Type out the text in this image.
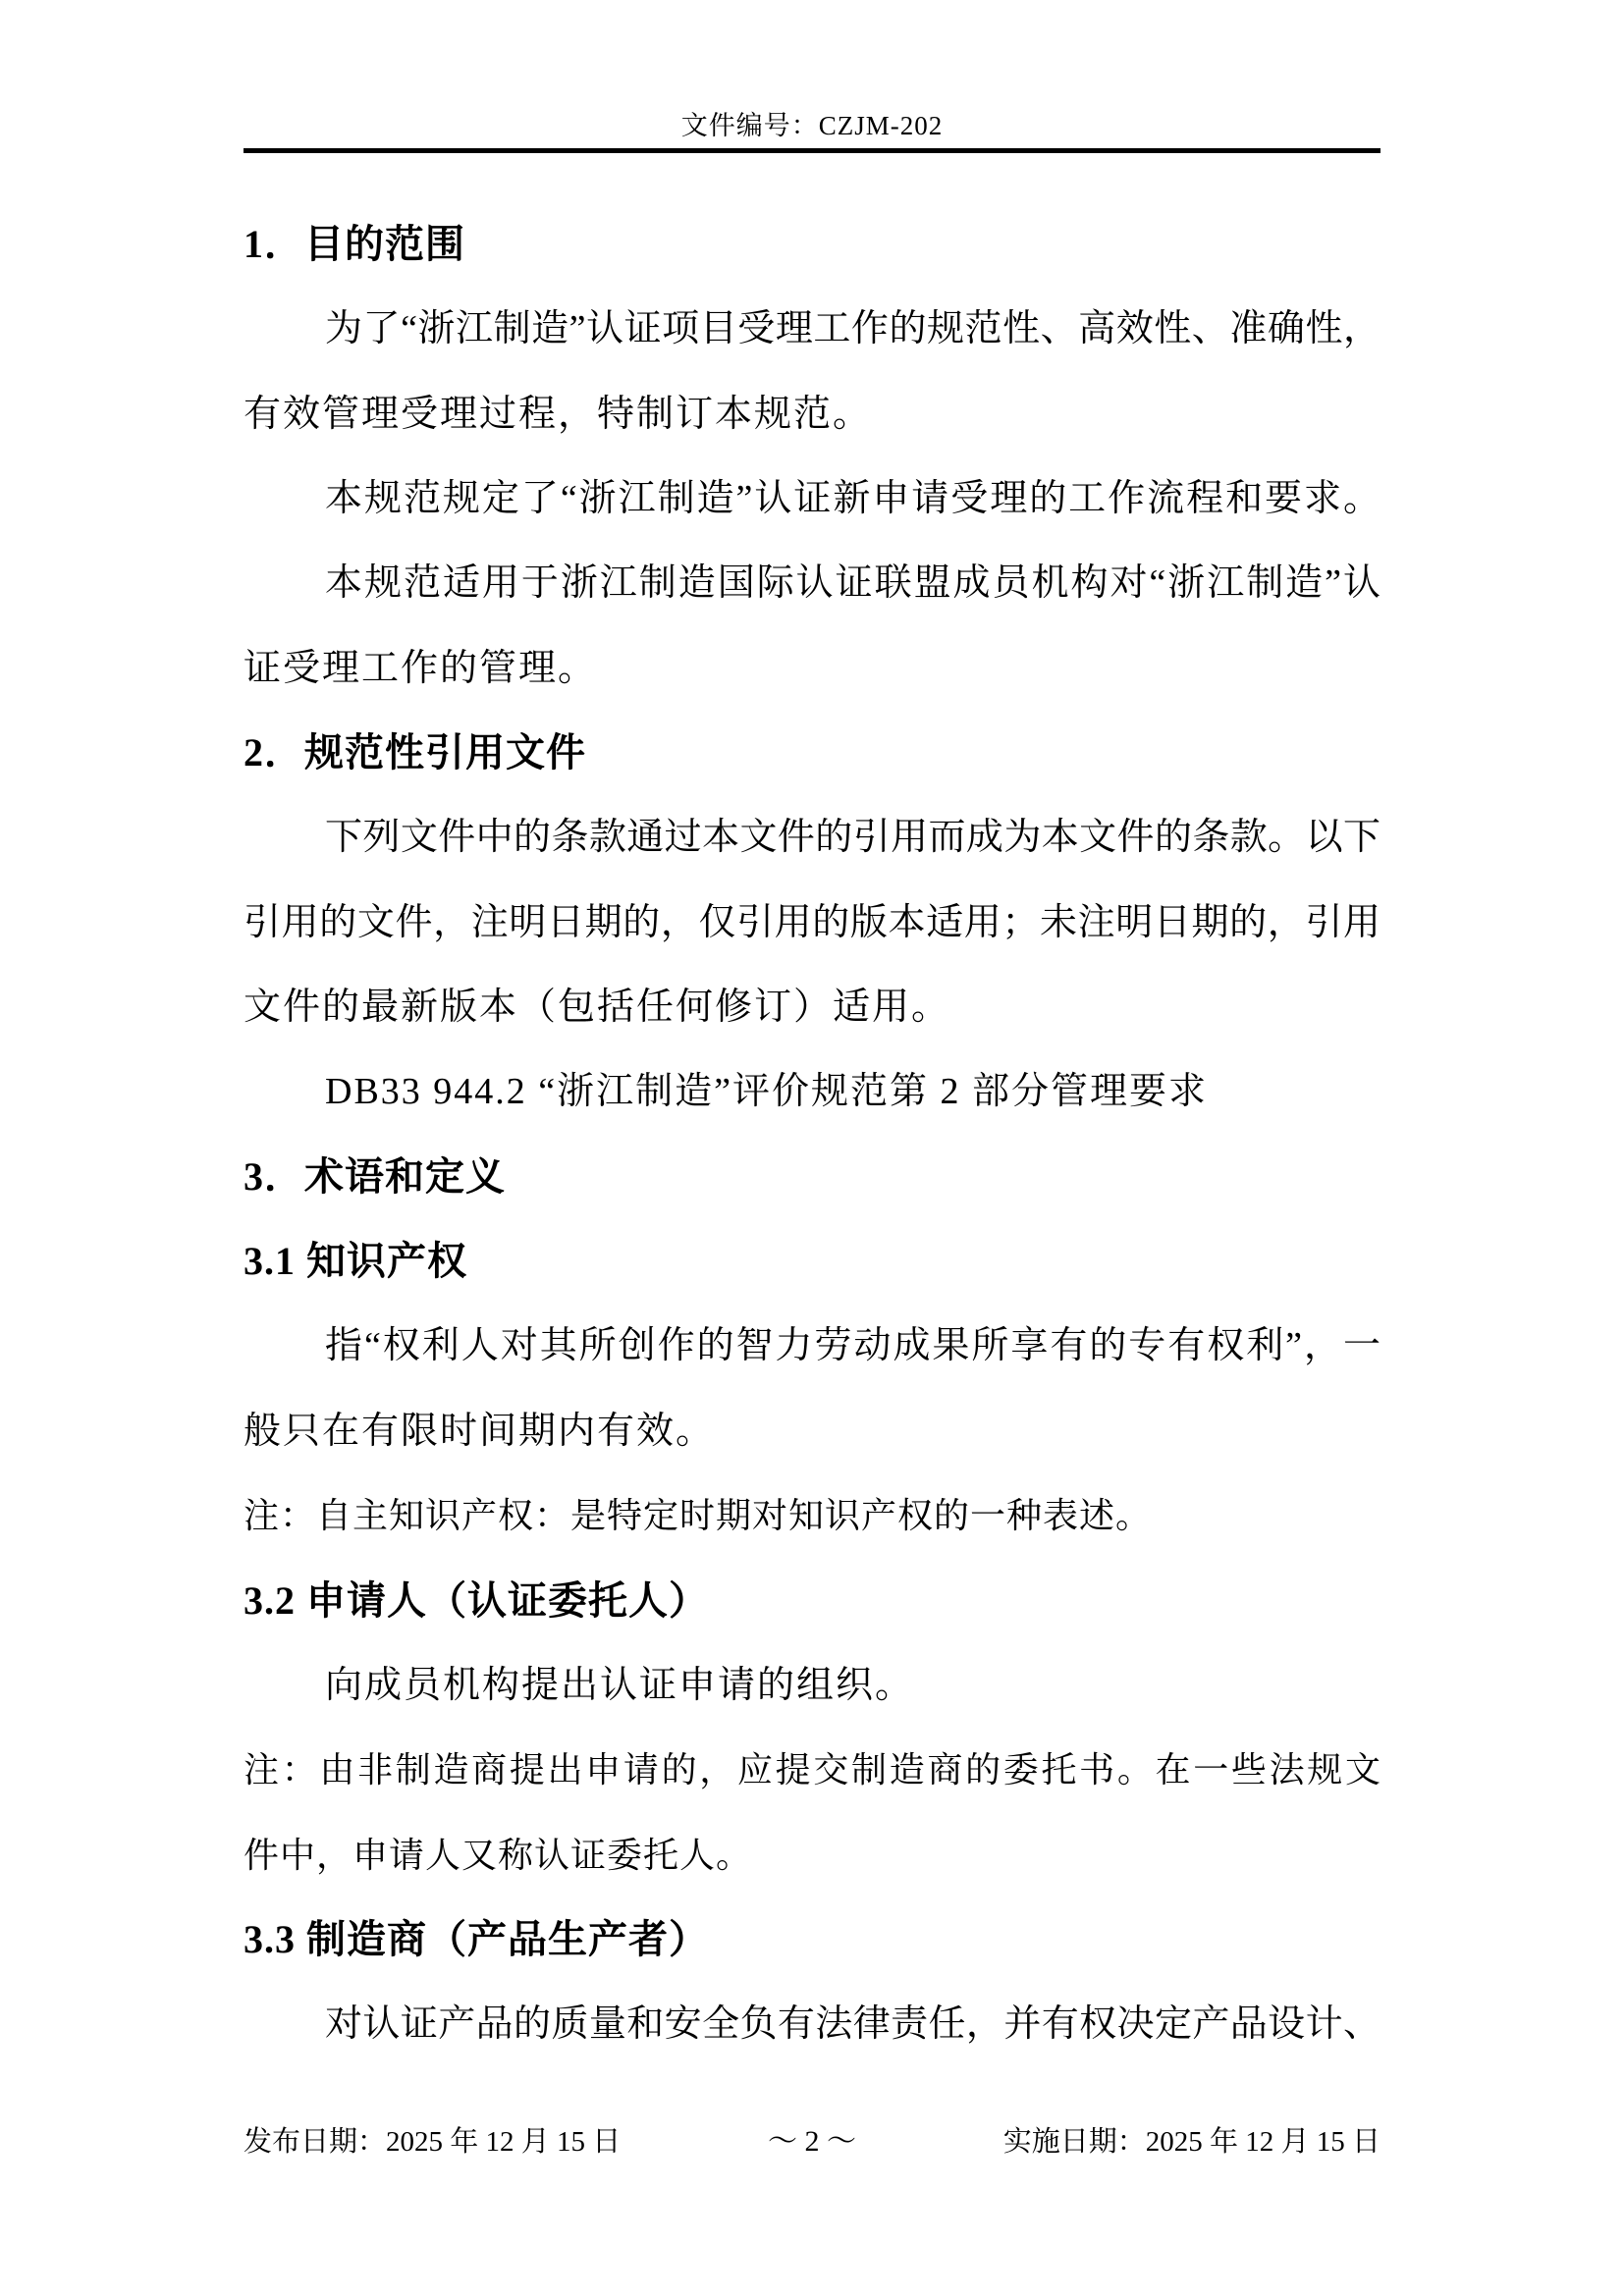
文件编号：CZJM-202
1．目的范围
为了“浙江制造”认证项目受理工作的规范性、高效性、准确性，
有效管理受理过程，特制订本规范。
本规范规定了“浙江制造”认证新申请受理的工作流程和要求。
本规范适用于浙江制造国际认证联盟成员机构对“浙江制造”认
证受理工作的管理。
2．规范性引用文件
下列文件中的条款通过本文件的引用而成为本文件的条款。以下
引用的文件，注明日期的，仅引用的版本适用；未注明日期的，引用
文件的最新版本（包括任何修订）适用。
DB33 944.2 “浙江制造”评价规范第 2 部分管理要求
3．术语和定义
3.1 知识产权
指“权利人对其所创作的智力劳动成果所享有的专有权利”，一
般只在有限时间期内有效。
注：自主知识产权：是特定时期对知识产权的一种表述。
3.2 申请人（认证委托人）
向成员机构提出认证申请的组织。
注：由非制造商提出申请的，应提交制造商的委托书。在一些法规文
件中，申请人又称认证委托人。
3.3 制造商（产品生产者）
对认证产品的质量和安全负有法律责任，并有权决定产品设计、
发布日期：2025 年 12 月 15 日	～ 2 ～	实施日期：2025 年 12 月 15 日
